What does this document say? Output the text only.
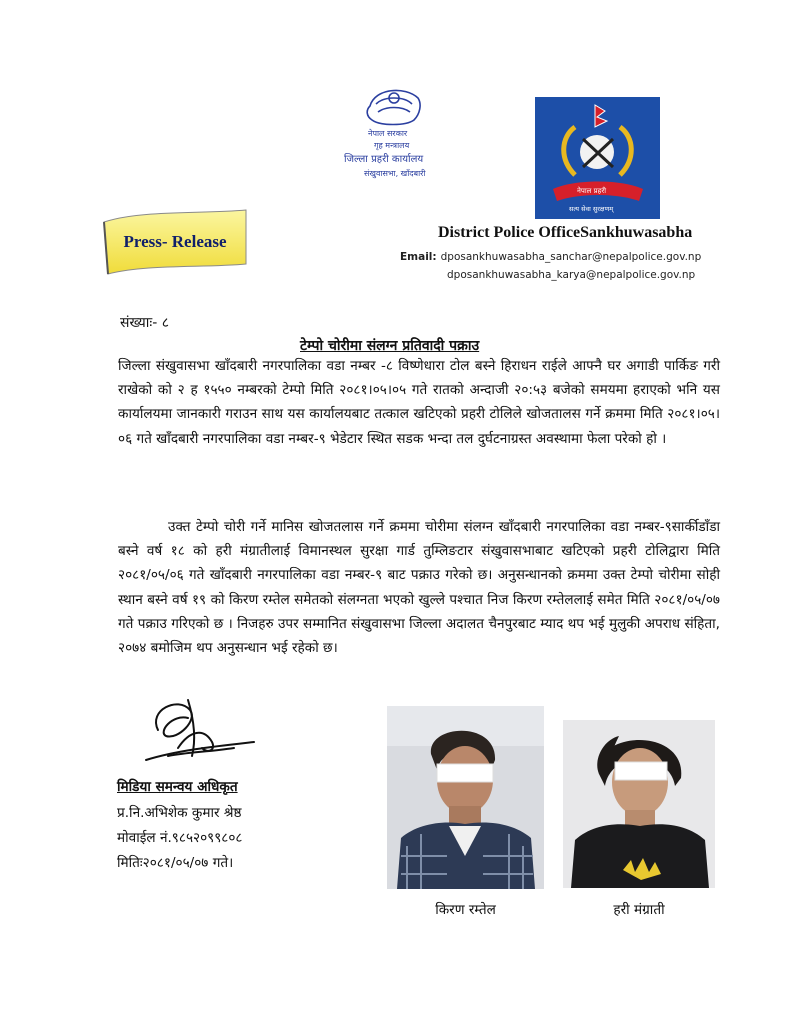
नेपाल सरकार
गृह मन्त्रालय
जिल्ला प्रहरी कार्यालय
संखुवासभा, खाँदबारी
नेपाल प्रहरी
सत्य सेवा सुरक्षणम्
Press- Release	District Police OfficeSankhuwasabha
Email: dposankhuwasabha_sanchar@nepalpolice.gov.np
dposankhuwasabha_karya@nepalpolice.gov.np
संख्याः- ८
टेम्पो चोरीमा संलग्न प्रतिवादी पक्राउ

जिल्ला संखुवासभा खाँदबारी नगरपालिका वडा नम्बर -८ विष्णेधारा टोल बस्ने हिराधन राईले आफ्नै घर अगाडी पार्किङ गरी राखेको को २ ह १५५० नम्बरको टेम्पो मिति २०८१।०५।०५ गते रातको अन्दाजी २०:५३ बजेको समयमा हराएको भनि यस कार्यालयमा जानकारी गराउन साथ यस कार्यालयबाट तत्काल खटिएको प्रहरी टोलिले खोजतालस गर्ने क्रममा मिति २०८१।०५।०६ गते खाँदबारी नगरपालिका वडा नम्बर-९ भेडेटार स्थित सडक भन्दा तल दुर्घटनाग्रस्त अवस्थामा फेला परेको हो ।

उक्त टेम्पो चोरी गर्ने मानिस खोजतलास गर्ने क्रममा चोरीमा संलग्न खाँदबारी नगरपालिका वडा नम्बर-९सार्कीडाँडा बस्ने वर्ष १८ को हरी मंग्रातीलाई विमानस्थल सुरक्षा गार्ड तुम्लिङटार संखुवासभाबाट खटिएको प्रहरी टोलिद्वारा मिति २०८१/०५/०६ गते खाँदबारी नगरपालिका वडा नम्बर-९ बाट पक्राउ गरेको छ। अनुसन्धानको क्रममा उक्त टेम्पो चोरीमा सोही स्थान बस्ने वर्ष १९ को किरण रम्तेल समेतको संलग्नता भएको खुल्ले पश्चात निज किरण रम्तेललाई समेत मिति २०८१/०५/०७ गते पक्राउ गरिएको छ । निजहरु उपर सम्मानित संखुवासभा जिल्ला अदालत चैनपुरबाट म्याद थप भई मुलुकी अपराध संहिता, २०७४ बमोजिम थप अनुसन्धान भई रहेको छ।

मिडिया समन्वय अधिकृत
प्र.नि.अभिशेक कुमार श्रेष्ठ
मोवाईल नं.९८५२०९९८०८
मितिः२०८१/०५/०७ गते।
किरण रम्तेल	हरी मंग्राती
